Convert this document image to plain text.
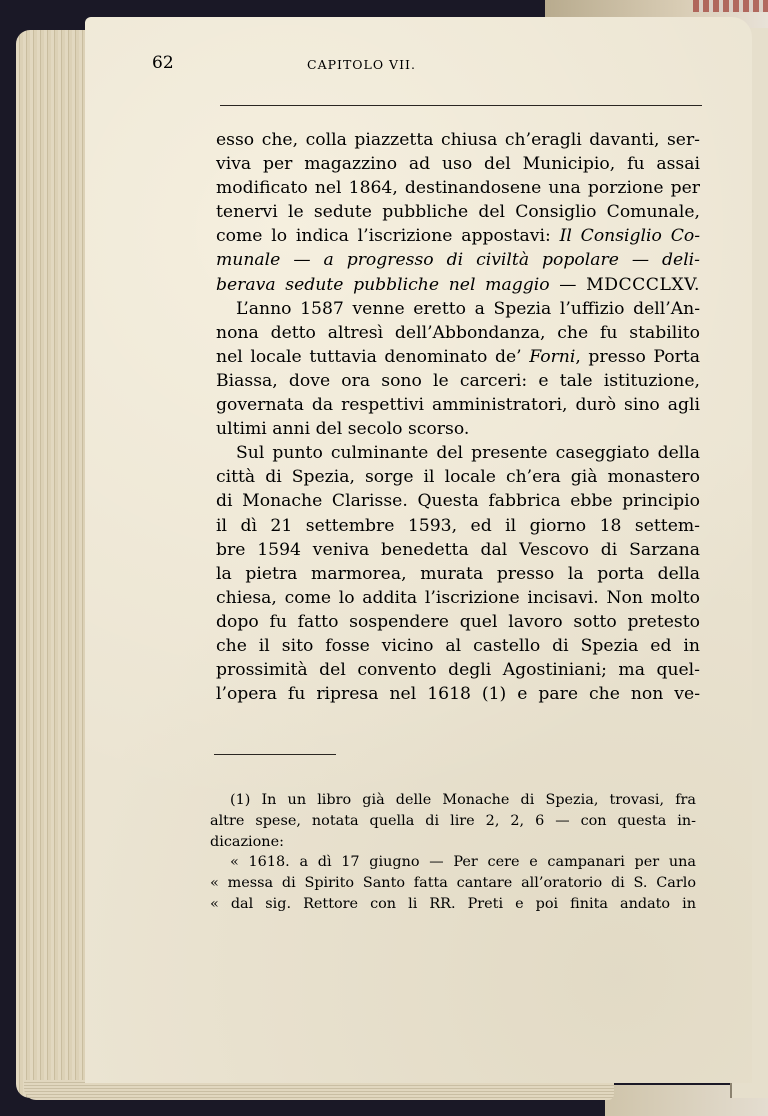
62	CAPITOLO VII.
esso che, colla piazzetta chiusa ch’eragli davanti, ser-
viva per magazzino ad uso del Municipio, fu assai
modificato nel 1864, destinandosene una porzione per
tenervi le sedute pubbliche del Consiglio Comunale,
come lo indica l’iscrizione appostavi: Il Consiglio Co-
munale — a progresso di civiltà popolare — deli-
berava sedute pubbliche nel maggio — MDCCCLXV.
L’anno 1587 venne eretto a Spezia l’uffizio dell’An-
nona detto altresì dell’Abbondanza, che fu stabilito
nel locale tuttavia denominato de’ Forni, presso Porta
Biassa, dove ora sono le carceri: e tale istituzione,
governata da respettivi amministratori, durò sino agli
ultimi anni del secolo scorso.
Sul punto culminante del presente caseggiato della
città di Spezia, sorge il locale ch’era già monastero
di Monache Clarisse. Questa fabbrica ebbe principio
il dì 21 settembre 1593, ed il giorno 18 settem-
bre 1594 veniva benedetta dal Vescovo di Sarzana
la pietra marmorea, murata presso la porta della
chiesa, come lo addita l’iscrizione incisavi. Non molto
dopo fu fatto sospendere quel lavoro sotto pretesto
che il sito fosse vicino al castello di Spezia ed in
prossimità del convento degli Agostiniani; ma quel-
l’opera fu ripresa nel 1618 (1) e pare che non ve-
(1) In un libro già delle Monache di Spezia, trovasi, fra
altre spese, notata quella di lire 2, 2, 6 — con questa in-
dicazione:
« 1618. a dì 17 giugno — Per cere e campanari per una
« messa di Spirito Santo fatta cantare all’oratorio di S. Carlo
« dal sig. Rettore con li RR. Preti e poi finita andato in
